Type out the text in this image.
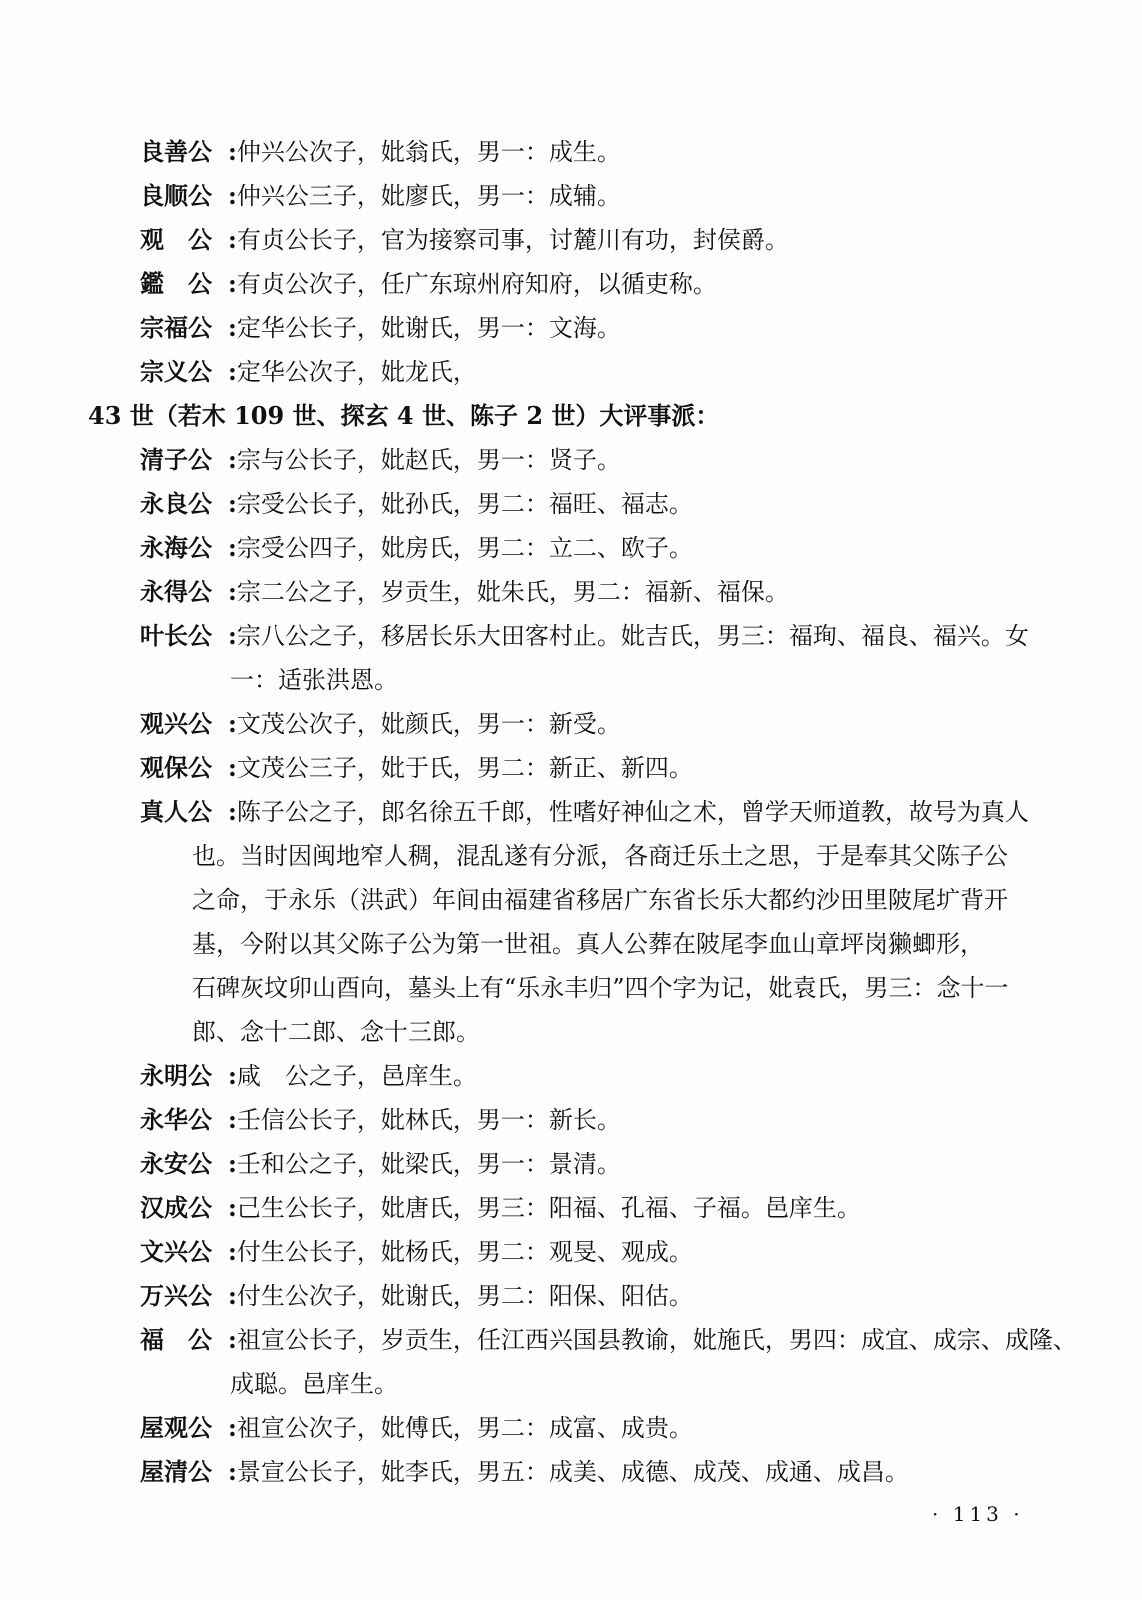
良善公 :仲兴公次子，妣翁氏，男一：成生。
良顺公 :仲兴公三子，妣廖氏，男一：成辅。
观　公 :有贞公长子，官为接察司事，讨麓川有功，封侯爵。
鑑　公 :有贞公次子，任广东琼州府知府，以循吏称。
宗福公 :定华公长子，妣谢氏，男一：文海。
宗义公 :定华公次子，妣龙氏，
43 世（若木 109 世、探玄 4 世、陈子 2 世）大评事派：
清子公 :宗与公长子，妣赵氏，男一：贤子。
永良公 :宗受公长子，妣孙氏，男二：福旺、福志。
永海公 :宗受公四子，妣房氏，男二：立二、欧子。
永得公 :宗二公之子，岁贡生，妣朱氏，男二：福新、福保。
叶长公 :宗八公之子，移居长乐大田客村止。妣吉氏，男三：福珣、福良、福兴。女
一：适张洪恩。
观兴公 :文茂公次子，妣颜氏，男一：新受。
观保公 :文茂公三子，妣于氏，男二：新正、新四。
真人公 :陈子公之子，郎名徐五千郎，性嗜好神仙之术，曾学天师道教，故号为真人
也。当时因闽地窄人稠，混乱遂有分派，各商迁乐土之思，于是奉其父陈子公
之命，于永乐（洪武）年间由福建省移居广东省长乐大都约沙田里陂尾圹背开
基，今附以其父陈子公为第一世祖。真人公葬在陂尾李血山章坪岗獭蝍形，
石碑灰坟卯山酉向，墓头上有“乐永丰归”四个字为记，妣袁氏，男三：念十一
郎、念十二郎、念十三郎。
永明公 :咸　公之子，邑庠生。
永华公 :壬信公长子，妣林氏，男一：新长。
永安公 :壬和公之子，妣梁氏，男一：景清。
汉成公 :己生公长子，妣唐氏，男三：阳福、孔福、子福。邑庠生。
文兴公 :付生公长子，妣杨氏，男二：观旻、观成。
万兴公 :付生公次子，妣谢氏，男二：阳保、阳估。
福　公 :祖宣公长子，岁贡生，任江西兴国县教谕，妣施氏，男四：成宜、成宗、成隆、
成聪。邑庠生。
屋观公 :祖宣公次子，妣傅氏，男二：成富、成贵。
屋清公 :景宣公长子，妣李氏，男五：成美、成德、成茂、成通、成昌。
· 113 ·
